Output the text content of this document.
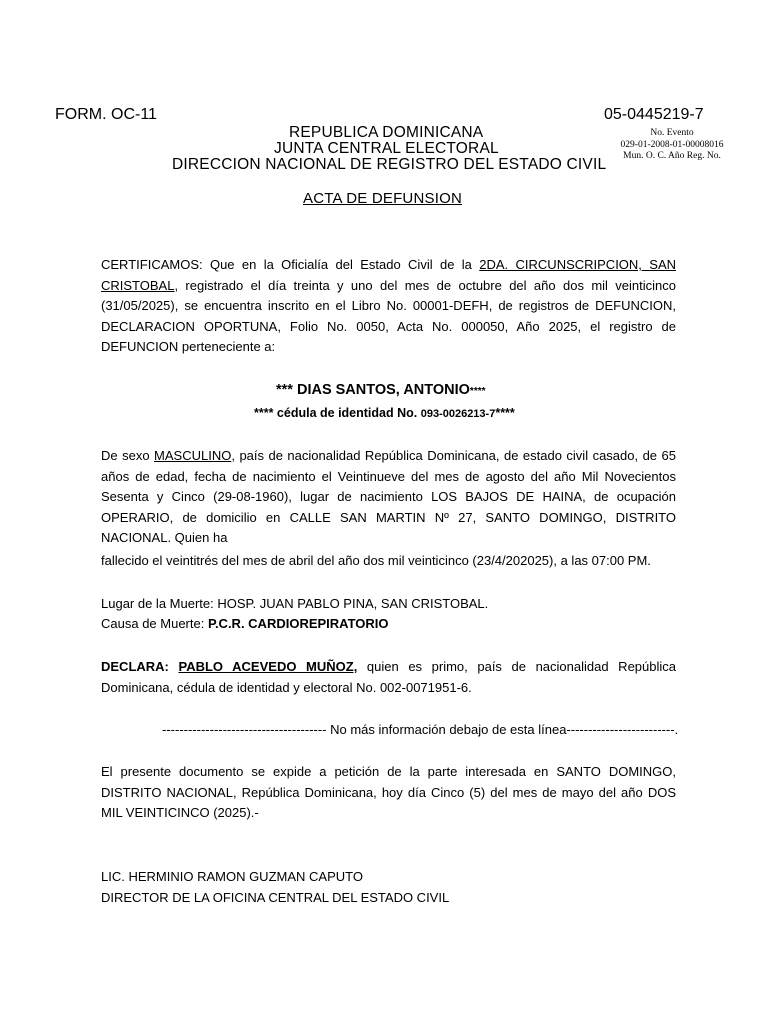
FORM. OC-11	05-0445219-7
REPUBLICA DOMINICANA
JUNTA CENTRAL ELECTORAL
DIRECCION NACIONAL DE REGISTRO DEL ESTADO CIVIL
No. Evento
029-01-2008-01-00008016
Mun. O. C. Año Reg. No.
ACTA DE DEFUNSION
CERTIFICAMOS: Que en la Oficialía del Estado Civil de la 2DA. CIRCUNSCRIPCION, SAN CRISTOBAL, registrado el día treinta y uno del mes de octubre del año dos mil veinticinco (31/05/2025), se encuentra inscrito en el Libro No. 00001-DEFH, de registros de DEFUNCION, DECLARACION OPORTUNA, Folio No. 0050, Acta No. 000050, Año 2025, el registro de DEFUNCION perteneciente a:
*** DIAS SANTOS, ANTONIO****
**** cédula de identidad No. 093-0026213-7****
De sexo MASCULINO, país de nacionalidad República Dominicana, de estado civil casado, de 65 años de edad, fecha de nacimiento el Veintinueve del mes de agosto del año Mil Novecientos Sesenta y Cinco (29-08-1960), lugar de nacimiento LOS BAJOS DE HAINA, de ocupación OPERARIO, de domicilio en CALLE SAN MARTIN Nº 27, SANTO DOMINGO, DISTRITO NACIONAL. Quien ha
fallecido el veintitrés del mes de abril del año dos mil veinticinco (23/4/202025), a las 07:00 PM.
Lugar de la Muerte: HOSP. JUAN PABLO PINA, SAN CRISTOBAL.
Causa de Muerte: P.C.R. CARDIOREPIRATORIO
DECLARA: PABLO ACEVEDO MUÑOZ, quien es primo, país de nacionalidad República Dominicana, cédula de identidad y electoral No. 002-0071951-6.
-------------------------------------- No más información debajo de esta línea-------------------------.
El presente documento se expide a petición de la parte interesada en SANTO DOMINGO, DISTRITO NACIONAL, República Dominicana, hoy día Cinco (5) del mes de mayo del año DOS MIL VEINTICINCO (2025).-
LIC. HERMINIO RAMON GUZMAN CAPUTO
DIRECTOR DE LA OFICINA CENTRAL DEL ESTADO CIVIL
